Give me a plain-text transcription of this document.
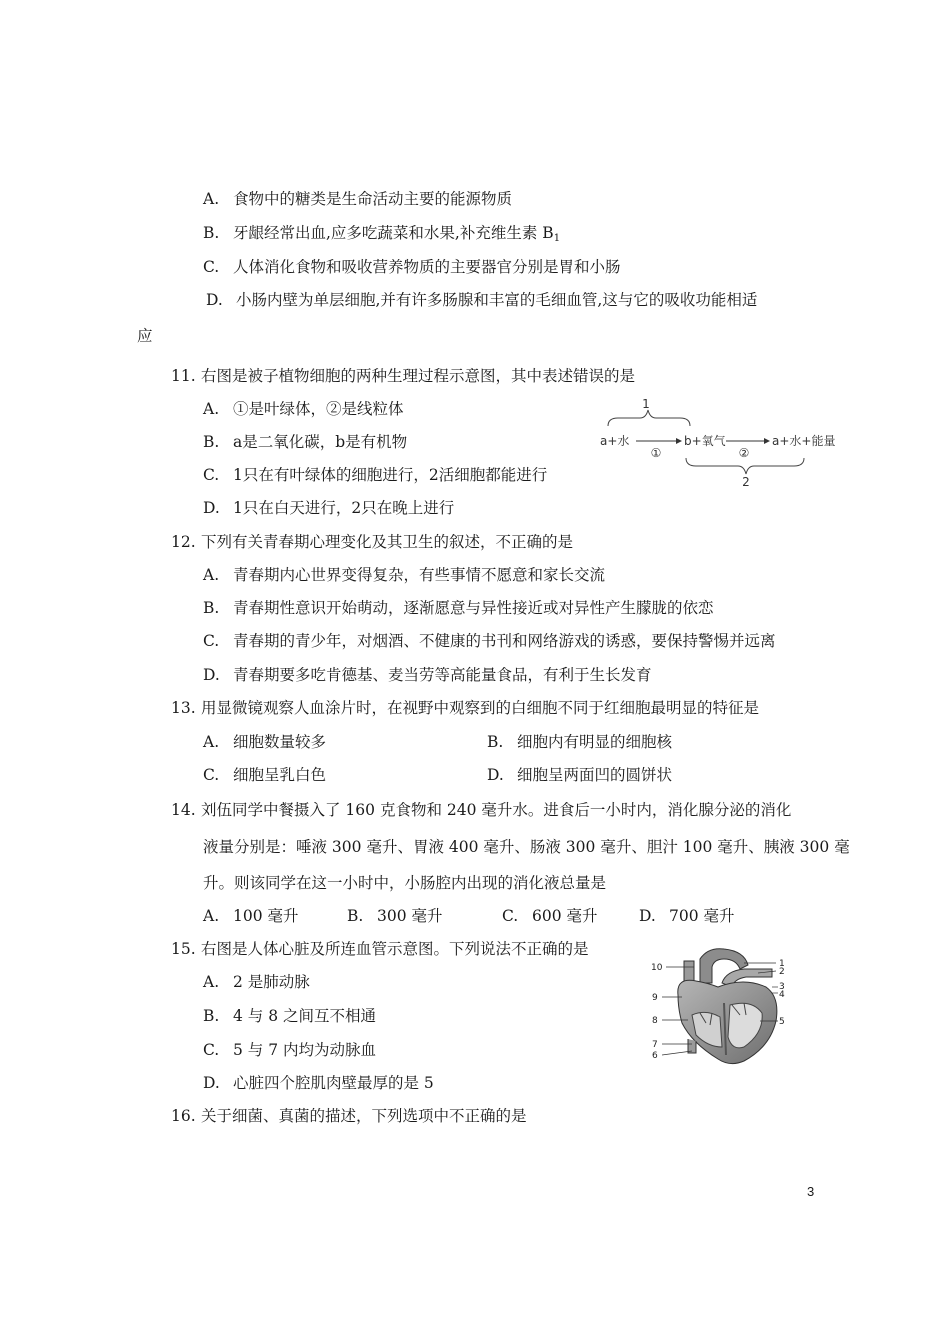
A. 食物中的糖类是生命活动主要的能源物质
B. 牙龈经常出血,应多吃蔬菜和水果,补充维生素 $B_1$
C. 人体消化食物和吸收营养物质的主要器官分别是胃和小肠
D. 小肠内壁为单层细胞,并有许多肠腺和丰富的毛细血管,这与它的吸收功能相适
应
11. 右图是被子植物细胞的两种生理过程示意图，其中表述错误的是
A. ①是叶绿体，②是线粒体
B. a是二氧化碳，b是有机物
C. 1只在有叶绿体的细胞进行，2活细胞都能进行
D. 1只在白天进行，2只在晚上进行
1
a+水
①
b+氧气
②
a+水+能量
2
12. 下列有关青春期心理变化及其卫生的叙述，不正确的是
A. 青春期内心世界变得复杂，有些事情不愿意和家长交流
B. 青春期性意识开始萌动，逐渐愿意与异性接近或对异性产生朦胧的依恋
C. 青春期的青少年，对烟酒、不健康的书刊和网络游戏的诱惑，要保持警惕并远离
D. 青春期要多吃肯德基、麦当劳等高能量食品，有利于生长发育
13. 用显微镜观察人血涂片时，在视野中观察到的白细胞不同于红细胞最明显的特征是
A. 细胞数量较多	B. 细胞内有明显的细胞核
C. 细胞呈乳白色	D. 细胞呈两面凹的圆饼状
14. 刘伍同学中餐摄入了 160 克食物和 240 毫升水。进食后一小时内，消化腺分泌的消化
液量分别是：唾液 300 毫升、胃液 400 毫升、肠液 300 毫升、胆汁 100 毫升、胰液 300 毫
升。则该同学在这一小时中，小肠腔内出现的消化液总量是
A. 100 毫升	B. 300 毫升	C. 600 毫升	D. 700 毫升
15. 右图是人体心脏及所连血管示意图。下列说法不正确的是
A. 2 是肺动脉
B. 4 与 8 之间互不相通
C. 5 与 7 内均为动脉血
D. 心脏四个腔肌肉壁最厚的是 5
10
9
8
7
6
1
2
3
4
5
16. 关于细菌、真菌的描述，下列选项中不正确的是
3
